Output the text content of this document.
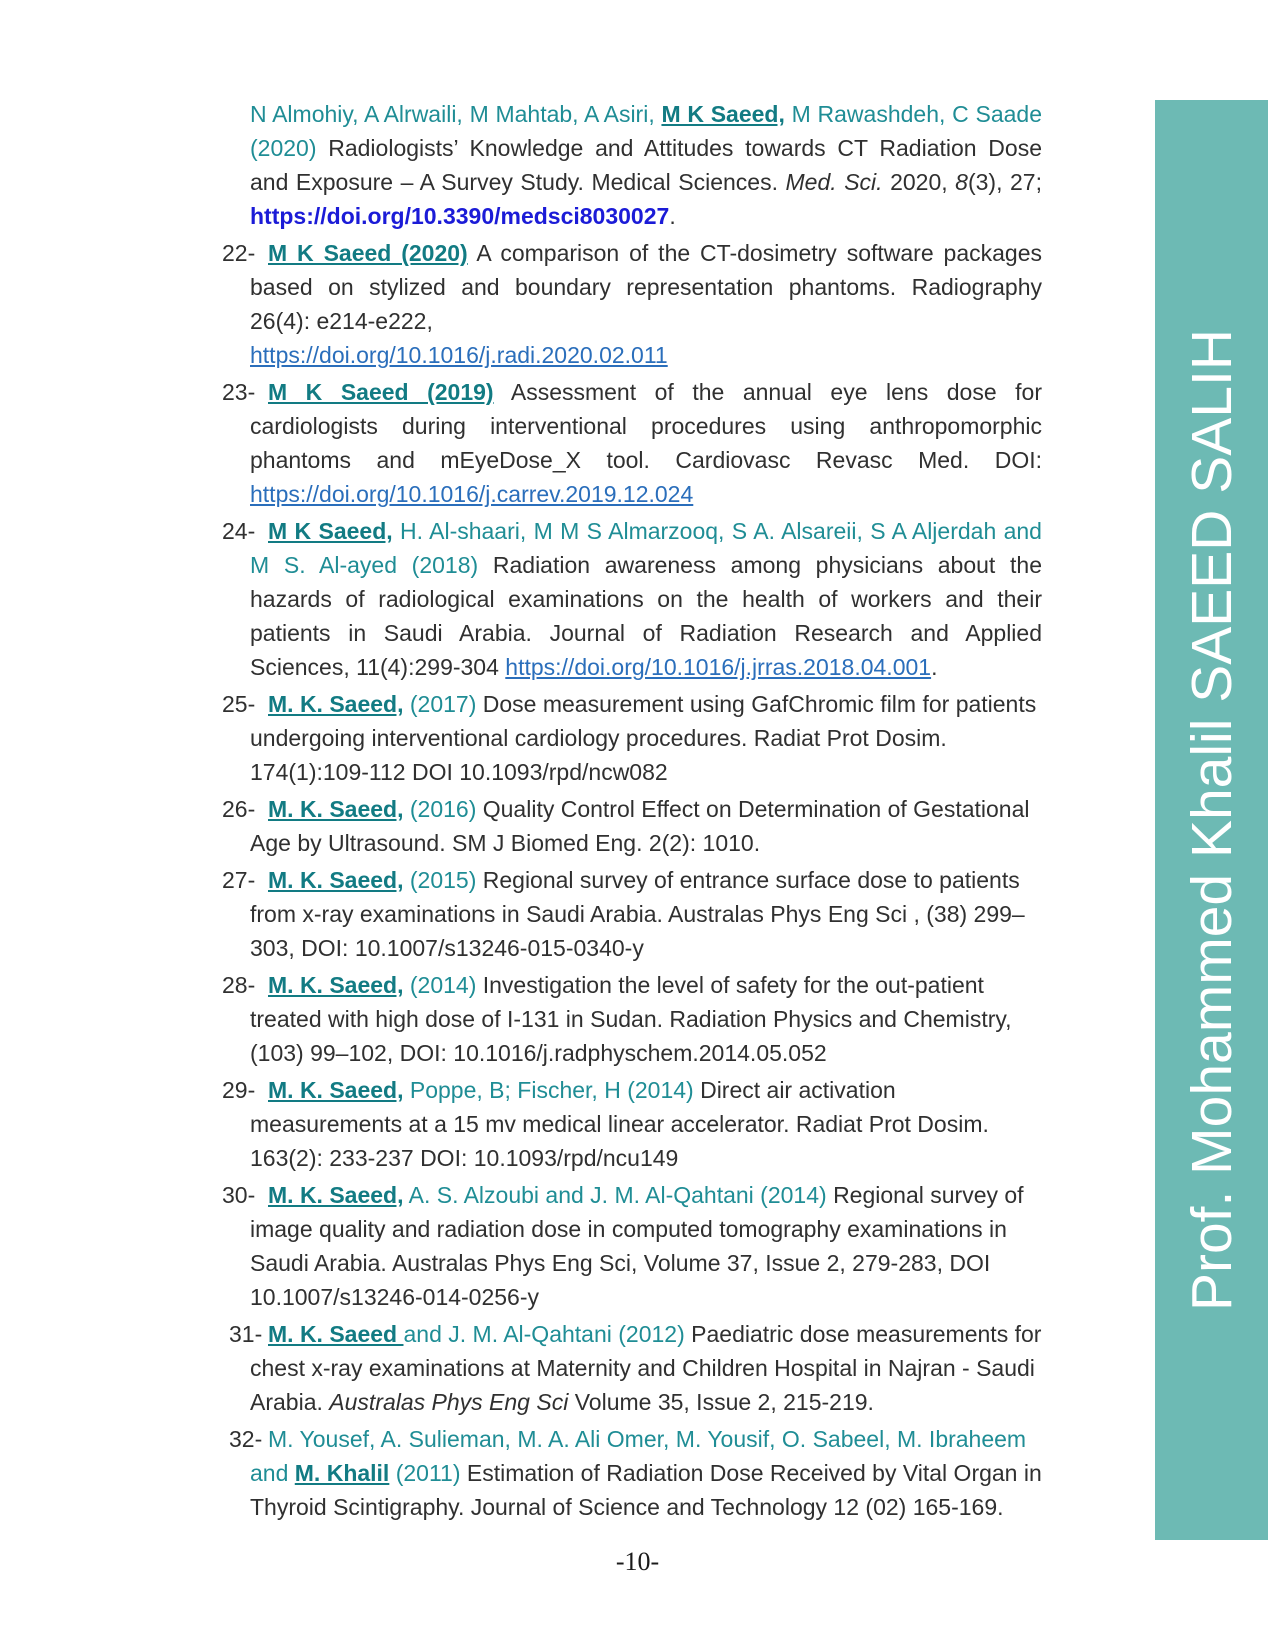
N Almohiy, A Alrwaili, M Mahtab, A Asiri, M K Saeed, M Rawashdeh, C Saade (2020) Radiologists’ Knowledge and Attitudes towards CT Radiation Dose and Exposure – A Survey Study. Medical Sciences. Med. Sci. 2020, 8(3), 27; https://doi.org/10.3390/medsci8030027.
22- M K Saeed (2020) A comparison of the CT-dosimetry software packages based on stylized and boundary representation phantoms. Radiography 26(4): e214-e222,
https://doi.org/10.1016/j.radi.2020.02.011
23- M K Saeed (2019) Assessment of the annual eye lens dose for cardiologists during interventional procedures using anthropomorphic phantoms and mEyeDose_X tool. Cardiovasc Revasc Med. DOI: https://doi.org/10.1016/j.carrev.2019.12.024
24- M K Saeed, H. Al-shaari, M M S Almarzooq, S A. Alsareii, S A Aljerdah and M S. Al-ayed (2018) Radiation awareness among physicians about the hazards of radiological examinations on the health of workers and their patients in Saudi Arabia. Journal of Radiation Research and Applied Sciences, 11(4):299-304 https://doi.org/10.1016/j.jrras.2018.04.001.
25- M. K. Saeed, (2017) Dose measurement using GafChromic film for patients undergoing interventional cardiology procedures. Radiat Prot Dosim. 174(1):109-112 DOI 10.1093/rpd/ncw082
26- M. K. Saeed, (2016) Quality Control Effect on Determination of Gestational Age by Ultrasound. SM J Biomed Eng. 2(2): 1010.
27- M. K. Saeed, (2015) Regional survey of entrance surface dose to patients from x-ray examinations in Saudi Arabia. Australas Phys Eng Sci , (38) 299–303, DOI: 10.1007/s13246-015-0340-y
28- M. K. Saeed, (2014) Investigation the level of safety for the out-patient treated with high dose of I-131 in Sudan. Radiation Physics and Chemistry, (103) 99–102, DOI: 10.1016/j.radphyschem.2014.05.052
29- M. K. Saeed, Poppe, B; Fischer, H (2014) Direct air activation measurements at a 15 mv medical linear accelerator. Radiat Prot Dosim. 163(2): 233-237 DOI: 10.1093/rpd/ncu149
30- M. K. Saeed, A. S. Alzoubi and J. M. Al-Qahtani (2014) Regional survey of image quality and radiation dose in computed tomography examinations in Saudi Arabia. Australas Phys Eng Sci, Volume 37, Issue 2, 279-283, DOI 10.1007/s13246-014-0256-y
31- M. K. Saeed and J. M. Al-Qahtani (2012) Paediatric dose measurements for chest x-ray examinations at Maternity and Children Hospital in Najran - Saudi Arabia. Australas Phys Eng Sci Volume 35, Issue 2, 215-219.
32- M. Yousef, A. Sulieman, M. A. Ali Omer, M. Yousif, O. Sabeel, M. Ibraheem and M. Khalil (2011) Estimation of Radiation Dose Received by Vital Organ in Thyroid Scintigraphy. Journal of Science and Technology 12 (02) 165-169.
Prof. Mohammed Khalil SAEED SALIH
-10-
